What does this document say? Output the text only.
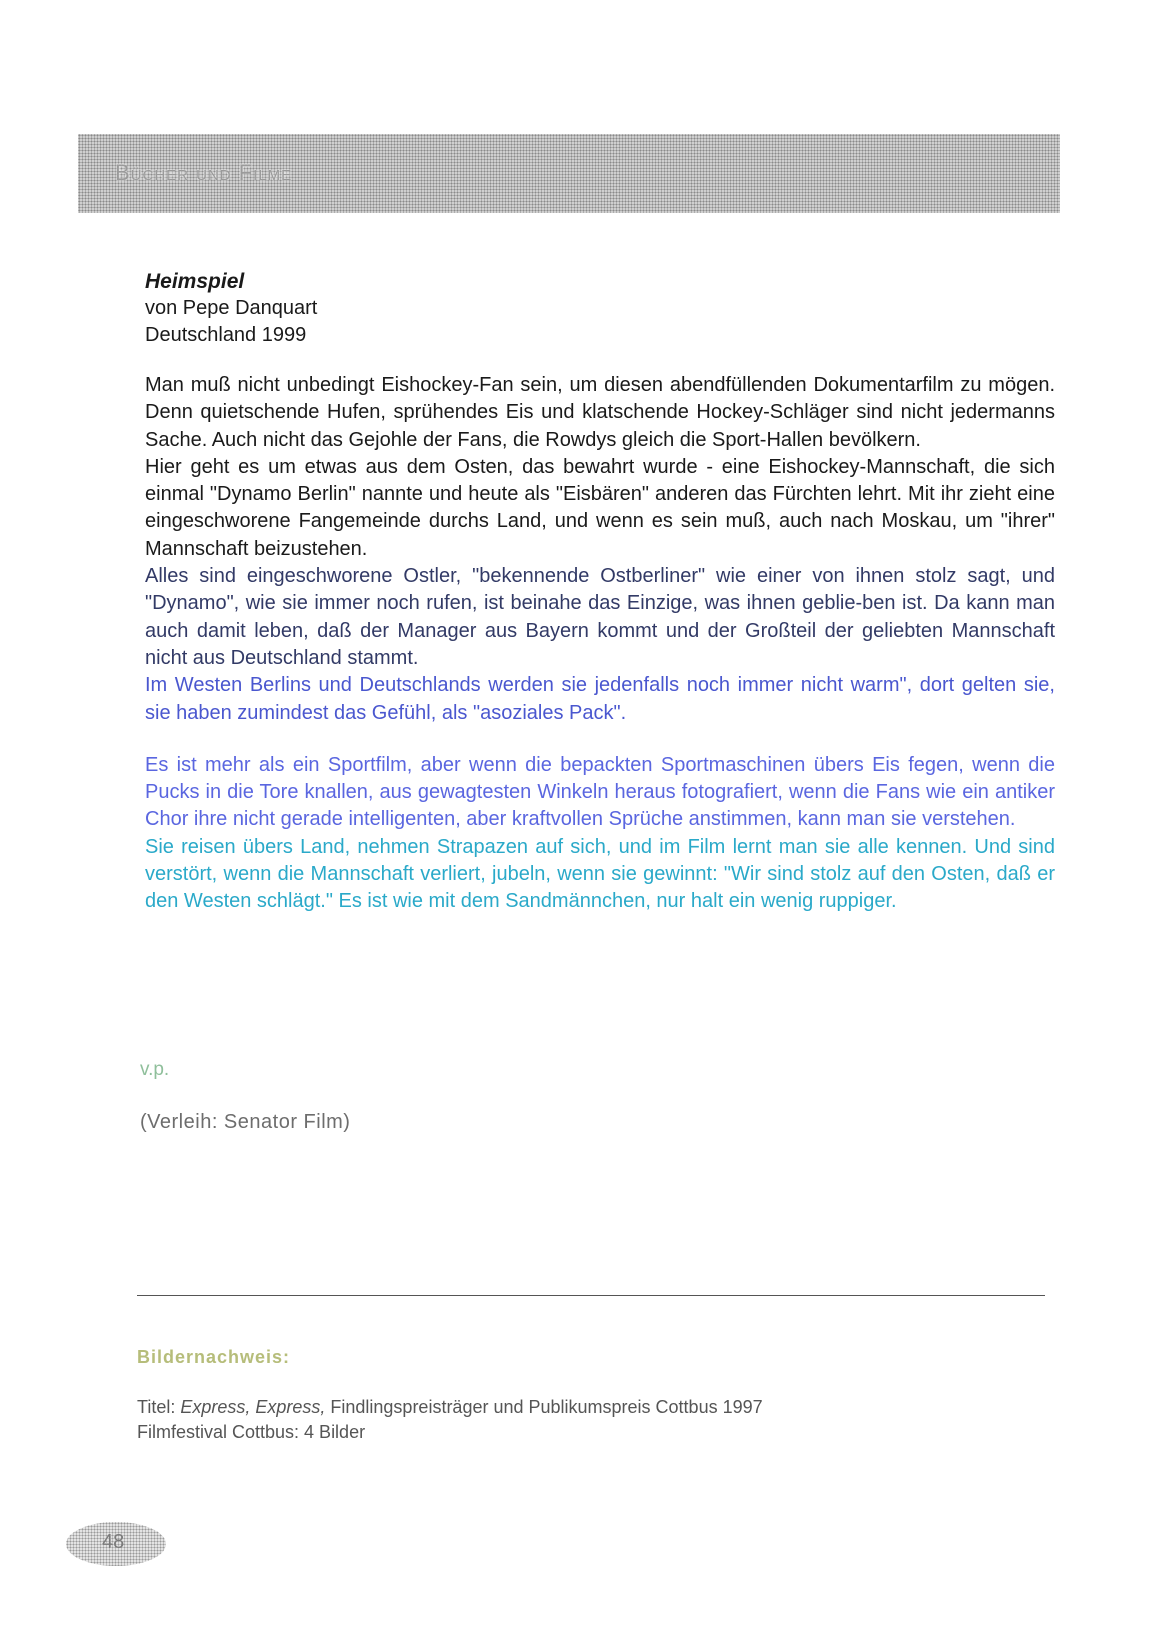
Bücher und Filme

Heimspiel

von Pepe Danquart

Deutschland 1999

Man muß nicht unbedingt Eishockey-Fan sein, um diesen abendfüllenden Dokumentarfilm zu mögen. Denn quietschende Hufen, sprühendes Eis und klatschende Hockey-Schläger sind nicht jedermanns Sache. Auch nicht das Gejohle der Fans, die Rowdys gleich die Sport-Hallen bevölkern.

Hier geht es um etwas aus dem Osten, das bewahrt wurde - eine Eishockey-Mannschaft, die sich einmal "Dynamo Berlin" nannte und heute als "Eisbären" anderen das Fürchten lehrt. Mit ihr zieht eine eingeschworene Fangemeinde durchs Land, und wenn es sein muß, auch nach Moskau, um "ihrer" Mannschaft beizustehen.

Alles sind eingeschworene Ostler, "bekennende Ostberliner" wie einer von ihnen stolz sagt, und "Dynamo", wie sie immer noch rufen, ist beinahe das Einzige, was ihnen geblie-ben ist. Da kann man auch damit leben, daß der Manager aus Bayern kommt und der Großteil der geliebten Mannschaft nicht aus Deutschland stammt.

Im Westen Berlins und Deutschlands werden sie jedenfalls noch immer nicht warm", dort gelten sie, sie haben zumindest das Gefühl, als "asoziales Pack".

Es ist mehr als ein Sportfilm, aber wenn die bepackten Sportmaschinen übers Eis fegen, wenn die Pucks in die Tore knallen, aus gewagtesten Winkeln heraus fotografiert, wenn die Fans wie ein antiker Chor ihre nicht gerade intelligenten, aber kraftvollen Sprüche anstimmen, kann man sie verstehen.

Sie reisen übers Land, nehmen Strapazen auf sich, und im Film lernt man sie alle kennen. Und sind verstört, wenn die Mannschaft verliert, jubeln, wenn sie gewinnt: "Wir sind stolz auf den Osten, daß er den Westen schlägt." Es ist wie mit dem Sandmännchen, nur halt ein wenig ruppiger.

v.p.
(Verleih: Senator Film)
Bildernachweis:

Titel: Express, Express, Findlingspreisträger und Publikumspreis Cottbus 1997

Filmfestival Cottbus: 4 Bilder

48
